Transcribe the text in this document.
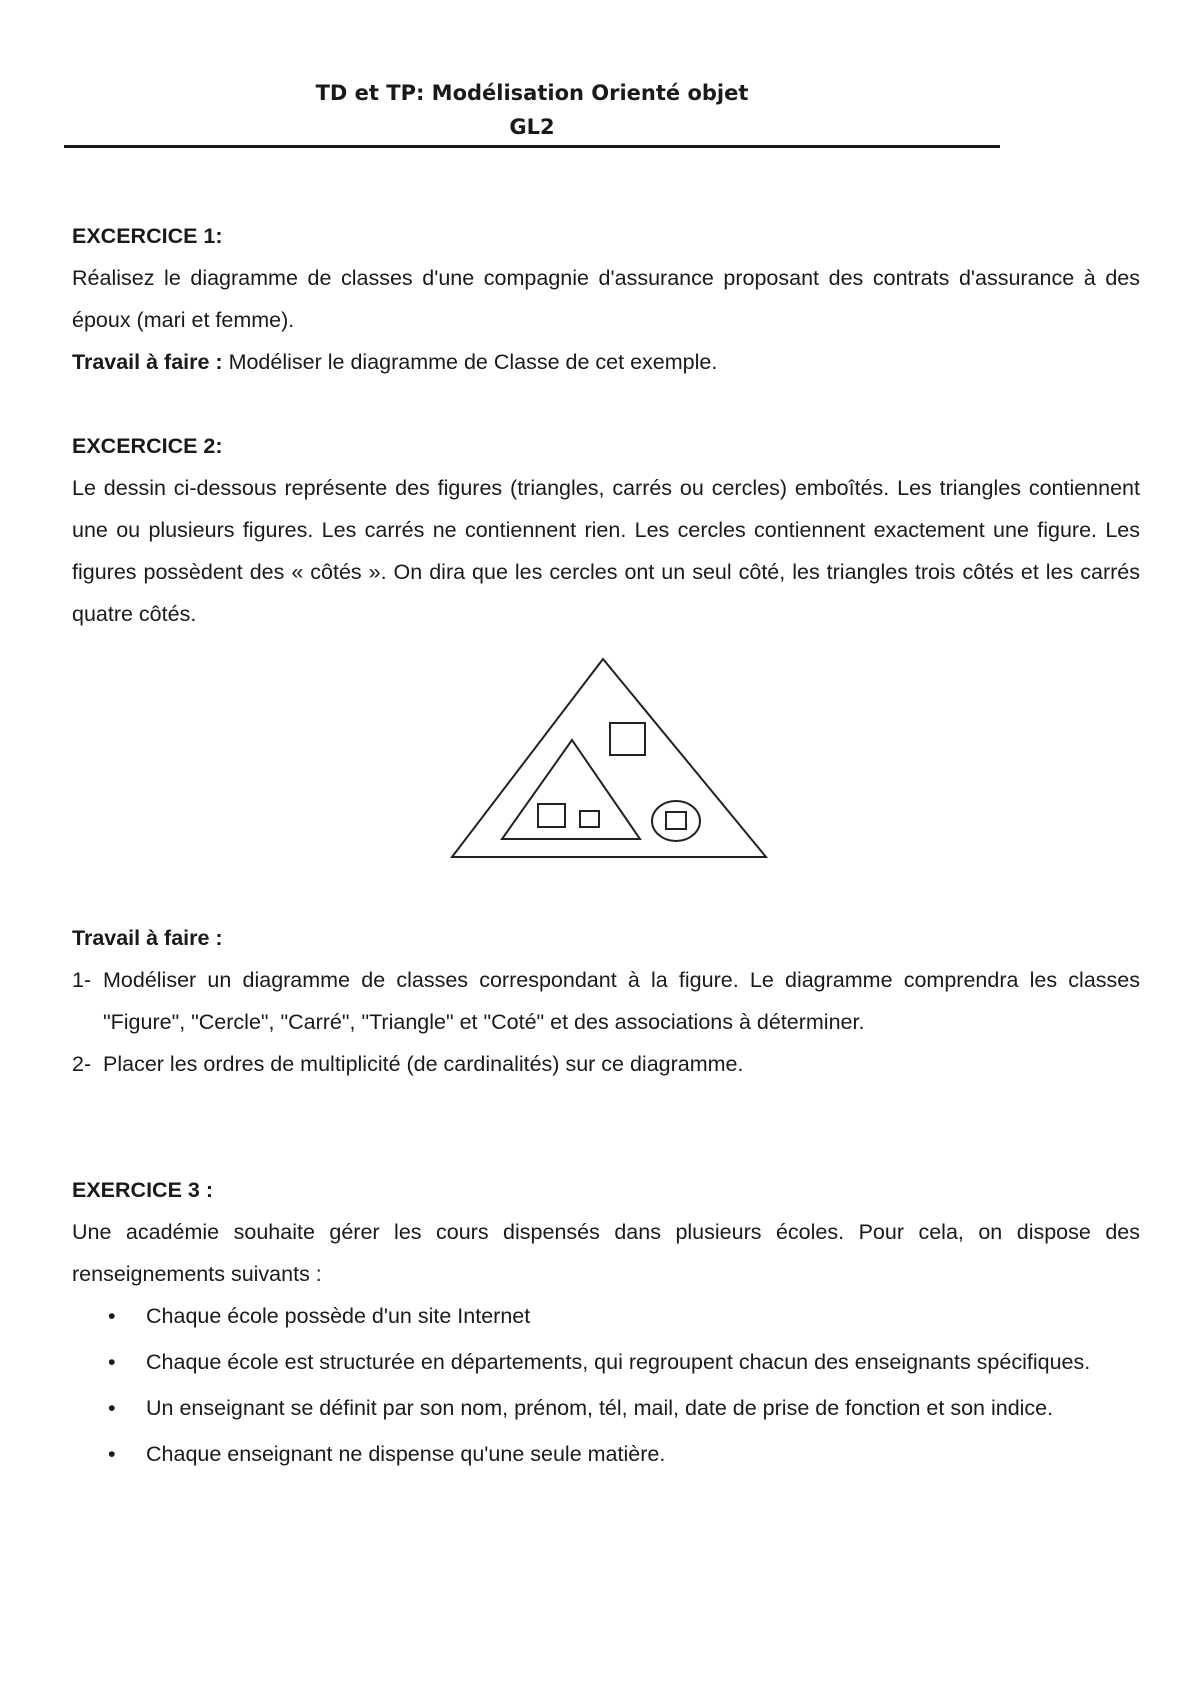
TD et TP: Modélisation Orienté objet
GL2

EXCERCICE 1:

Réalisez le diagramme de classes d'une compagnie d'assurance proposant des contrats d'assurance à des époux (mari et femme).

Travail à faire : Modéliser le diagramme de Classe de cet exemple.

EXCERCICE 2:

Le dessin ci-dessous représente des figures (triangles, carrés ou cercles) emboîtés. Les triangles contiennent une ou plusieurs figures. Les carrés ne contiennent rien. Les cercles contiennent exactement une figure. Les figures possèdent des « côtés ». On dira que les cercles ont un seul côté, les triangles trois côtés et les carrés quatre côtés.

Travail à faire :

1- Modéliser un diagramme de classes correspondant à la figure. Le diagramme comprendra les classes "Figure", "Cercle", "Carré", "Triangle" et "Coté" et des associations à déterminer.
2- Placer les ordres de multiplicité (de cardinalités) sur ce diagramme.

EXERCICE 3 :

Une académie souhaite gérer les cours dispensés dans plusieurs écoles. Pour cela, on dispose des renseignements suivants :

• Chaque école possède d'un site Internet
• Chaque école est structurée en départements, qui regroupent chacun des enseignants spécifiques.
• Un enseignant se définit par son nom, prénom, tél, mail, date de prise de fonction et son indice.
• Chaque enseignant ne dispense qu'une seule matière.
